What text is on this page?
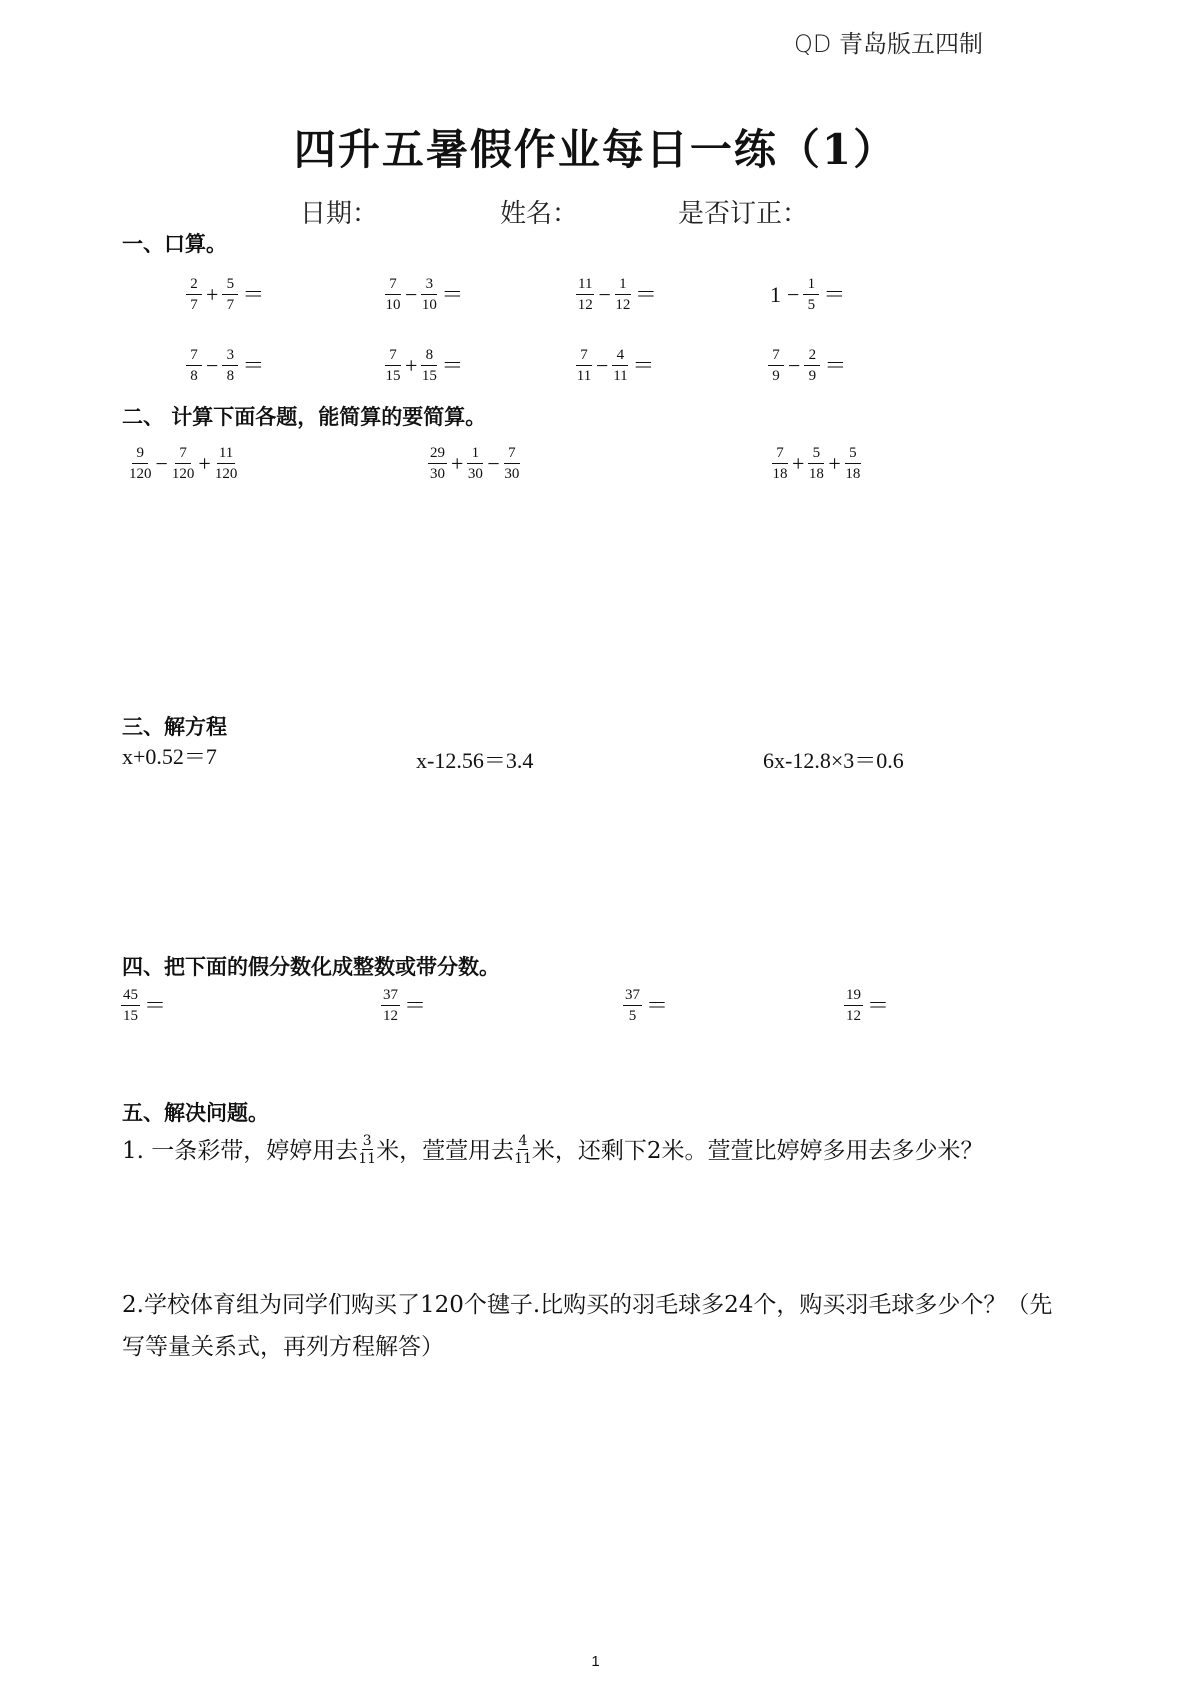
QD 青岛版五四制
四升五暑假作业每日一练（1）
日期：	姓名：	是否订正：
一、口算。
$\frac{2}{7} + \frac{5}{7}$ ＝	$\frac{7}{10} - \frac{3}{10}$ ＝	$\frac{11}{12} - \frac{1}{12}$ ＝	$1 - \frac{1}{5}$ ＝
$\frac{7}{8} - \frac{3}{8}$ ＝	$\frac{7}{15} + \frac{8}{15}$ ＝	$\frac{7}{11} - \frac{4}{11}$ ＝	$\frac{7}{9} - \frac{2}{9}$ ＝
二、 计算下面各题，能简算的要简算。
$\frac{9}{120} - \frac{7}{120} + \frac{11}{120}$	$\frac{29}{30} + \frac{1}{30} - \frac{7}{30}$	$\frac{7}{18} + \frac{5}{18} + \frac{5}{18}$
三、解方程
x+0.52＝7	x-12.56＝3.4	6x-12.8×3＝0.6
四、把下面的假分数化成整数或带分数。
$\frac{45}{15}$ ＝	$\frac{37}{12}$ ＝	$\frac{37}{5}$ ＝	$\frac{19}{12}$ ＝
五、解决问题。
1. 一条彩带，婷婷用去 $\frac{3}{11}$ 米，萱萱用去 $\frac{4}{11}$ 米，还剩下2米。萱萱比婷婷多用去多少米？
2.学校体育组为同学们购买了120个毽子.比购买的羽毛球多24个，购买羽毛球多少个？（先写等量关系式，再列方程解答）
1
